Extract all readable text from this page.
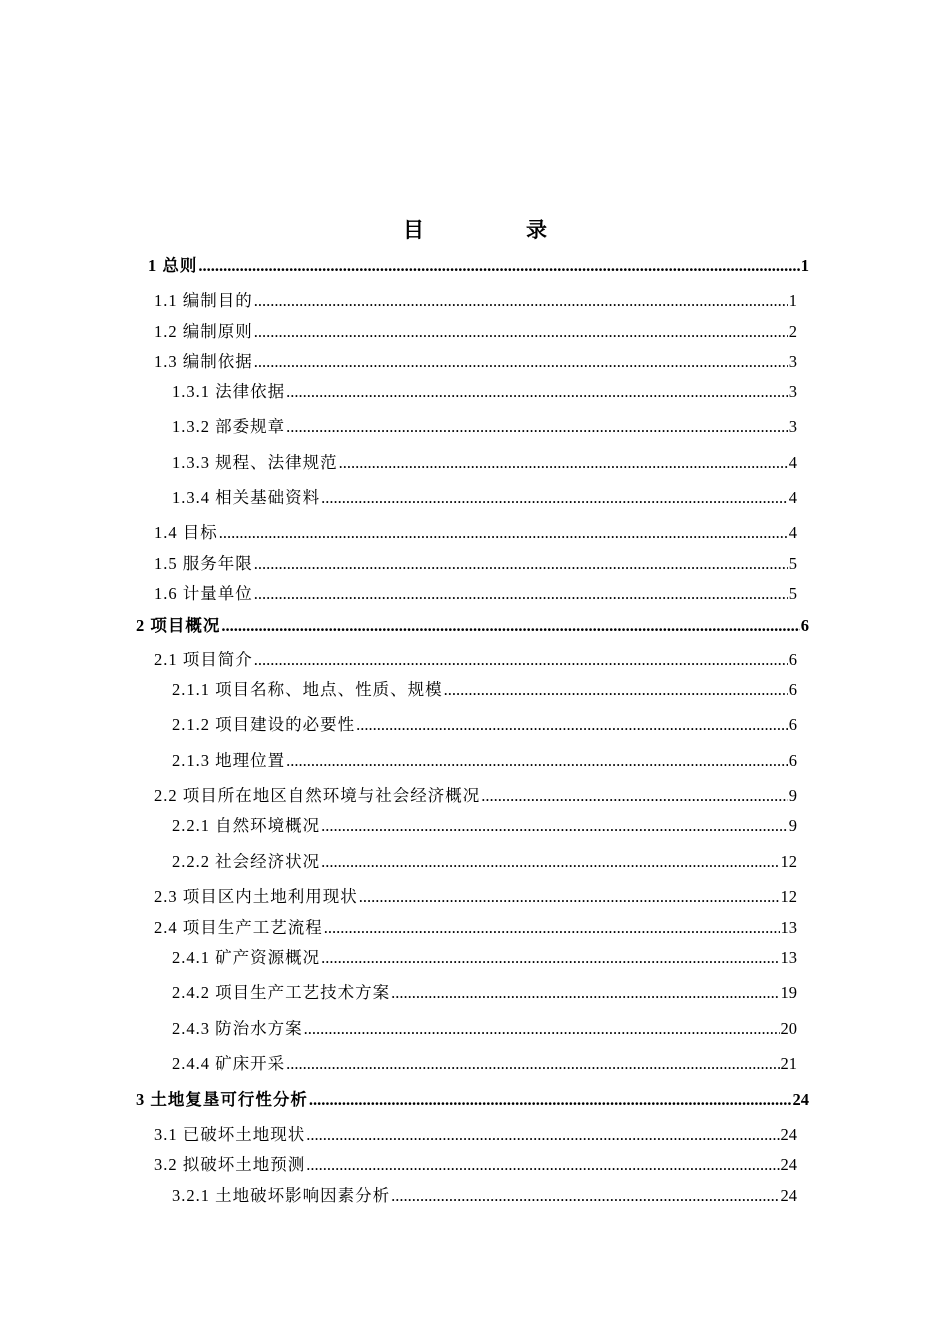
目	录
1 总则 .....	1
1.1 编制目的 .....	1
1.2 编制原则 .....	2
1.3 编制依据 .....	3
1.3.1 法律依据 .....	3
1.3.2 部委规章 .....	3
1.3.3 规程、法律规范 .....	4
1.3.4 相关基础资料 .....	4
1.4 目标 .....	4
1.5 服务年限 .....	5
1.6 计量单位 .....	5
2 项目概况 .....	6
2.1 项目简介 .....	6
2.1.1 项目名称、地点、性质、规模 .....	6
2.1.2 项目建设的必要性 .....	6
2.1.3 地理位置 .....	6
2.2 项目所在地区自然环境与社会经济概况 .....	9
2.2.1 自然环境概况 .....	9
2.2.2 社会经济状况 .....	12
2.3 项目区内土地利用现状 .....	12
2.4 项目生产工艺流程 .....	13
2.4.1 矿产资源概况 .....	13
2.4.2 项目生产工艺技术方案 .....	19
2.4.3 防治水方案 .....	20
2.4.4 矿床开采 .....	21
3 土地复垦可行性分析 .....	24
3.1 已破坏土地现状 .....	24
3.2 拟破坏土地预测 .....	24
3.2.1 土地破坏影响因素分析 .....	24
